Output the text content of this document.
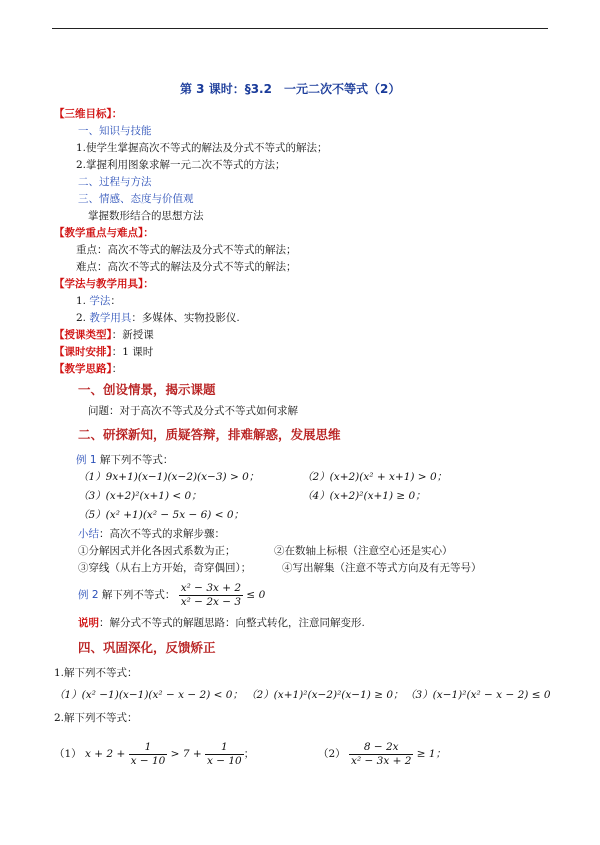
第 3 课时：§3.2　一元二次不等式（2）
【三维目标】：
一、知识与技能
1.使学生掌握高次不等式的解法及分式不等式的解法；
2.掌握利用图象求解一元二次不等式的方法；
二、过程与方法
三、情感、态度与价值观
掌握数形结合的思想方法
【教学重点与难点】：
重点：高次不等式的解法及分式不等式的解法；
难点：高次不等式的解法及分式不等式的解法；
【学法与教学用具】：
1. 学法：
2. 教学用具：多媒体、实物投影仪.
【授课类型】：新授课
【课时安排】：1 课时
【教学思路】：
一、创设情景，揭示课题
问题：对于高次不等式及分式不等式如何求解
二、研探新知，质疑答辩，排难解惑，发展思维
例 1 解下列不等式：
（1）9x+1)(x−1)(x−2)(x−3) > 0；	（2）(x+2)(x² + x+1) > 0；
（3）(x+2)²(x+1) < 0；	（4）(x+2)²(x+1) ≥ 0；
（5）(x² +1)(x² − 5x − 6) < 0；
小结：高次不等式的求解步骤：
①分解因式并化各因式系数为正；	②在数轴上标根（注意空心还是实心）
③穿线（从右上方开始，奇穿偶回）；	④写出解集（注意不等式方向及有无等号）
例 2 解下列不等式： $\frac{\text{x² − 3x + 2}}{\text{x² − 2x − 3}} \le 0$
说明：解分式不等式的解题思路：向整式转化，注意同解变形.
四、巩固深化，反馈矫正
1.解下列不等式：
（1）(x² −1)(x−1)(x² − x − 2) < 0； （2）(x+1)²(x−2)²(x−1) ≥ 0； （3）(x−1)²(x² − x − 2) ≤ 0
2.解下列不等式：
（1） $x + 2 + \frac{1}{x - 10} > 7 + \frac{1}{x - 10}$ ；	$(2) \frac{8 - 2x}{\text{x² − 3x + 2}} \ge 1$；
